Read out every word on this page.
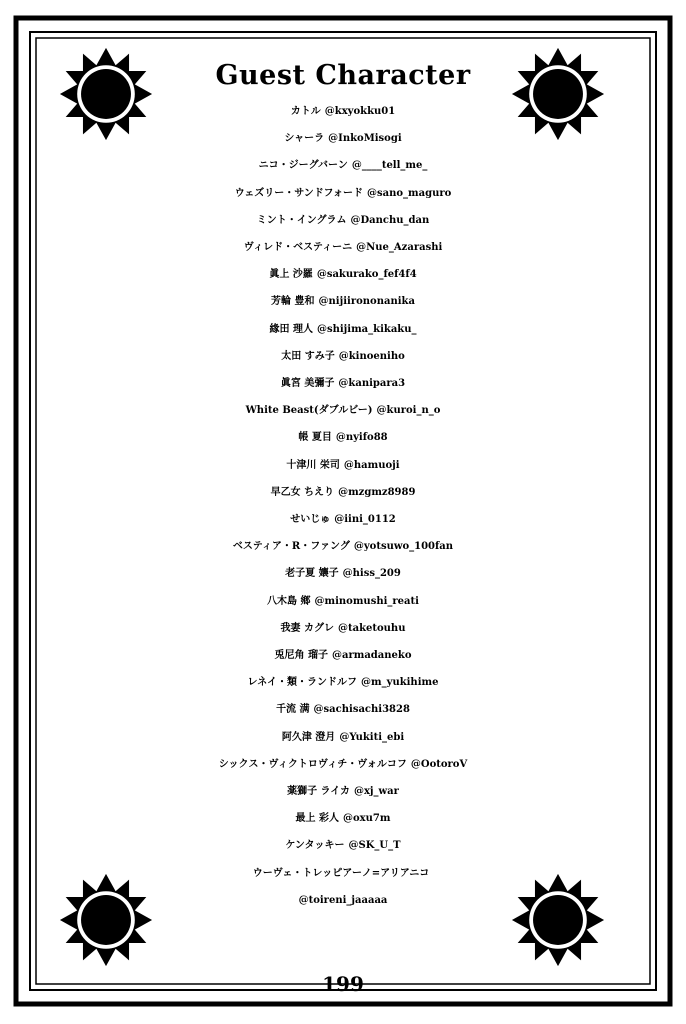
Guest Character
カトル @kxyokku01
シャーラ @InkoMisogi
ニコ・ジーグバーン @____tell_me_
ウェズリー・サンドフォード @sano_maguro
ミント・イングラム @Danchu_dan
ヴィレド・ベスティーニ @Nue_Azarashi
眞上 沙羅 @sakurako_fef4f4
芳輪 豊和 @nijiirononanika
緣田 理人 @shijima_kikaku_
太田 すみ子 @kinoeniho
眞宮 美彌子 @kanipara3
White Beast(ダブルビー) @kuroi_n_o
帳 夏目 @nyifo88
十津川 栄司 @hamuoji
早乙女 ちえり @mzgmz8989
せいじゅ @iini_0112
ベスティア・R・ファング @yotsuwo_100fan
老子夏 孃子 @hiss_209
八木島 鄉 @minomushi_reati
我妻 カグレ @taketouhu
兎尼角 瑠子 @armadaneko
レネイ・類・ランドルフ @m_yukihime
千流 满 @sachisachi3828
阿久津 澄月 @Yukiti_ebi
シックス・ヴィクトロヴィチ・ヴォルコフ @OotoroV
薬獅子 ライカ @xj_war
最上 彩人 @oxu7m
ケンタッキー @SK_U_T
ウーヴェ・トレッピアーノ=アリアニコ
@toireni_jaaaaa
199
